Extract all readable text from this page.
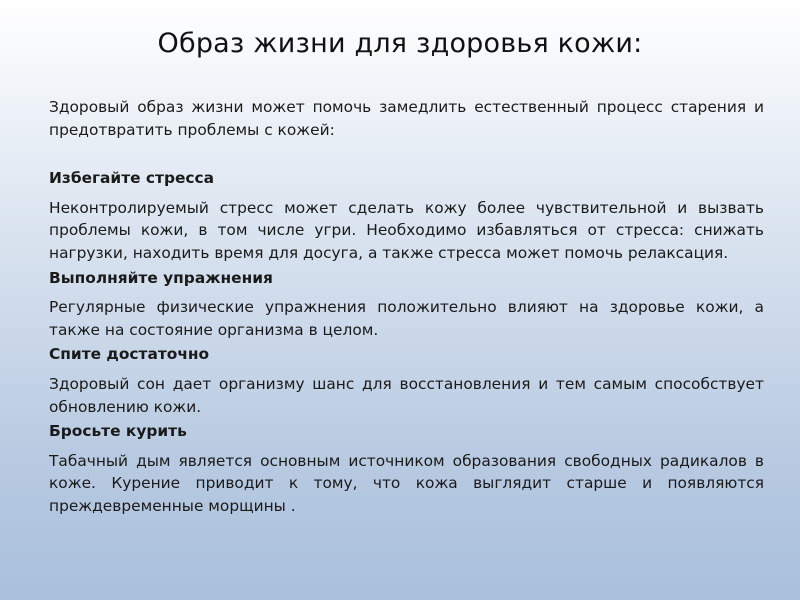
Образ жизни для здоровья кожи:

Здоровый образ жизни может помочь замедлить естественный процесс старения и предотвратить проблемы с кожей:

Избегайте стресса

Неконтролируемый стресс может сделать кожу более чувствительной и вызвать проблемы кожи, в том числе угри. Необходимо избавляться от стресса: снижать нагрузки, находить время для досуга, а также стресса может помочь релаксация.

Выполняйте упражнения

Регулярные физические упражнения положительно влияют на здоровье кожи, а также на состояние организма в целом.

Спите достаточно

Здоровый сон дает организму шанс для восстановления и тем самым способствует обновлению кожи.

Бросьте курить

Табачный дым является основным источником образования свободных радикалов в коже. Курение приводит к тому, что кожа выглядит старше и появляются преждевременные морщины .
